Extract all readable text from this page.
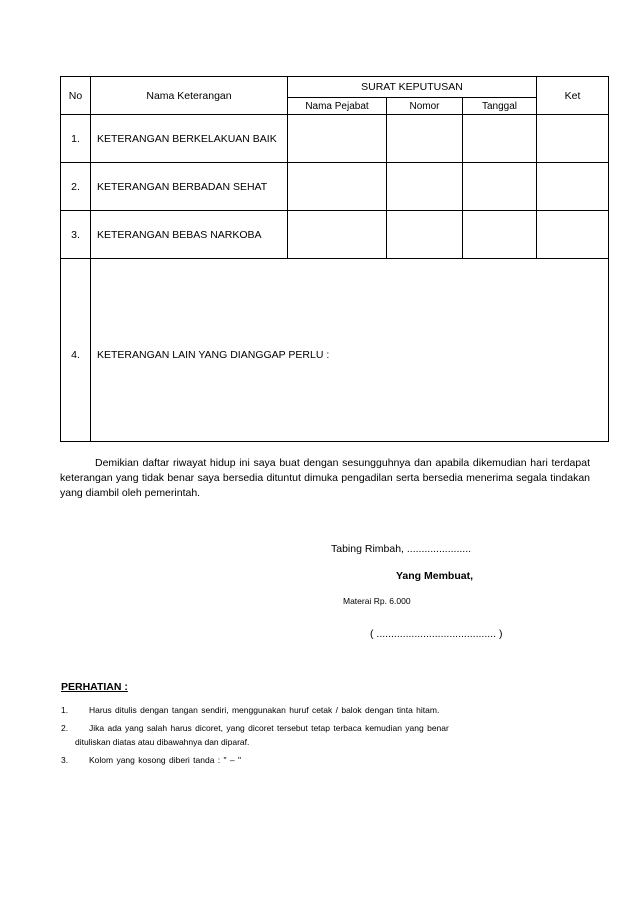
No	Nama Keterangan	SURAT KEPUTUSAN			Ket
		Nama Pejabat	Nomor	Tanggal	
1.	KETERANGAN BERKELAKUAN BAIK				
2.	KETERANGAN BERBADAN SEHAT				
3.	KETERANGAN BEBAS NARKOBA				
4.	KETERANGAN LAIN YANG DIANGGAP PERLU :				
Demikian daftar riwayat hidup ini saya buat dengan sesungguhnya dan apabila dikemudian hari terdapat keterangan yang tidak benar saya bersedia dituntut dimuka pengadilan serta bersedia menerima segala tindakan yang diambil oleh pemerintah.
Tabing Rimbah, ......................
Yang Membuat,
Materai Rp. 6.000
( ......................................... )
PERHATIAN :
1.	Harus ditulis dengan tangan sendiri, menggunakan huruf cetak / balok dengan tinta hitam.
2.	Jika ada yang salah harus dicoret, yang dicoret tersebut tetap terbaca kemudian yang benar
dituliskan diatas atau dibawahnya dan diparaf.
3.	Kolom yang kosong diberi tanda : " – "
